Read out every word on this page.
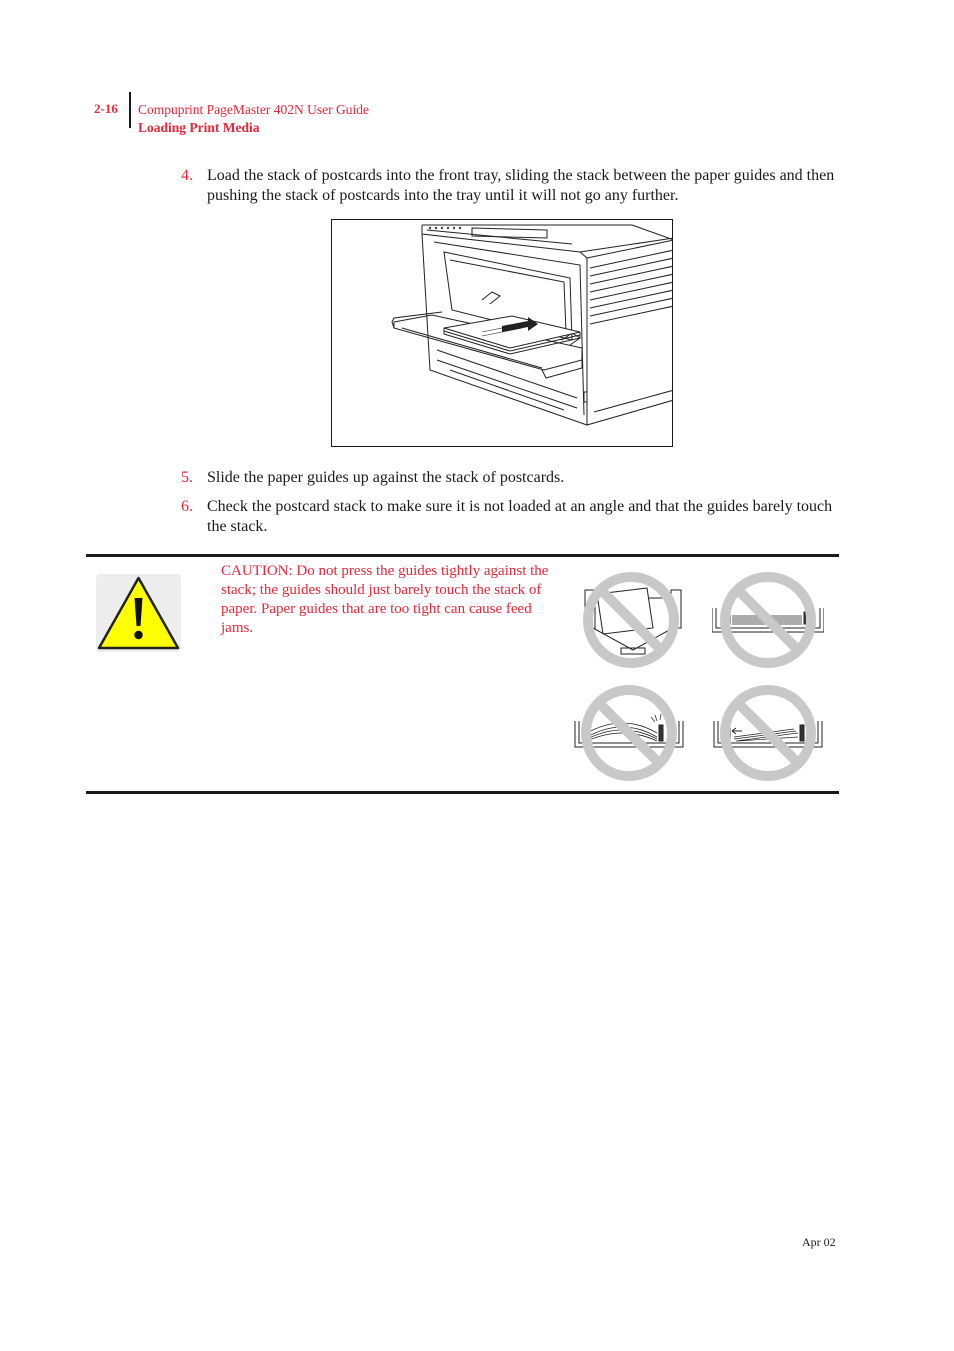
2-16 Compuprint PageMaster 402N User Guide
Loading Print Media
4. Load the stack of postcards into the front tray, sliding the stack between the paper guides and then pushing the stack of postcards into the tray until it will not go any further.
5. Slide the paper guides up against the stack of postcards.
6. Check the postcard stack to make sure it is not loaded at an angle and that the guides barely touch the stack.
CAUTION: Do not press the guides tightly against the stack; the guides should just barely touch the stack of paper. Paper guides that are too tight can cause feed jams.
Apr 02
